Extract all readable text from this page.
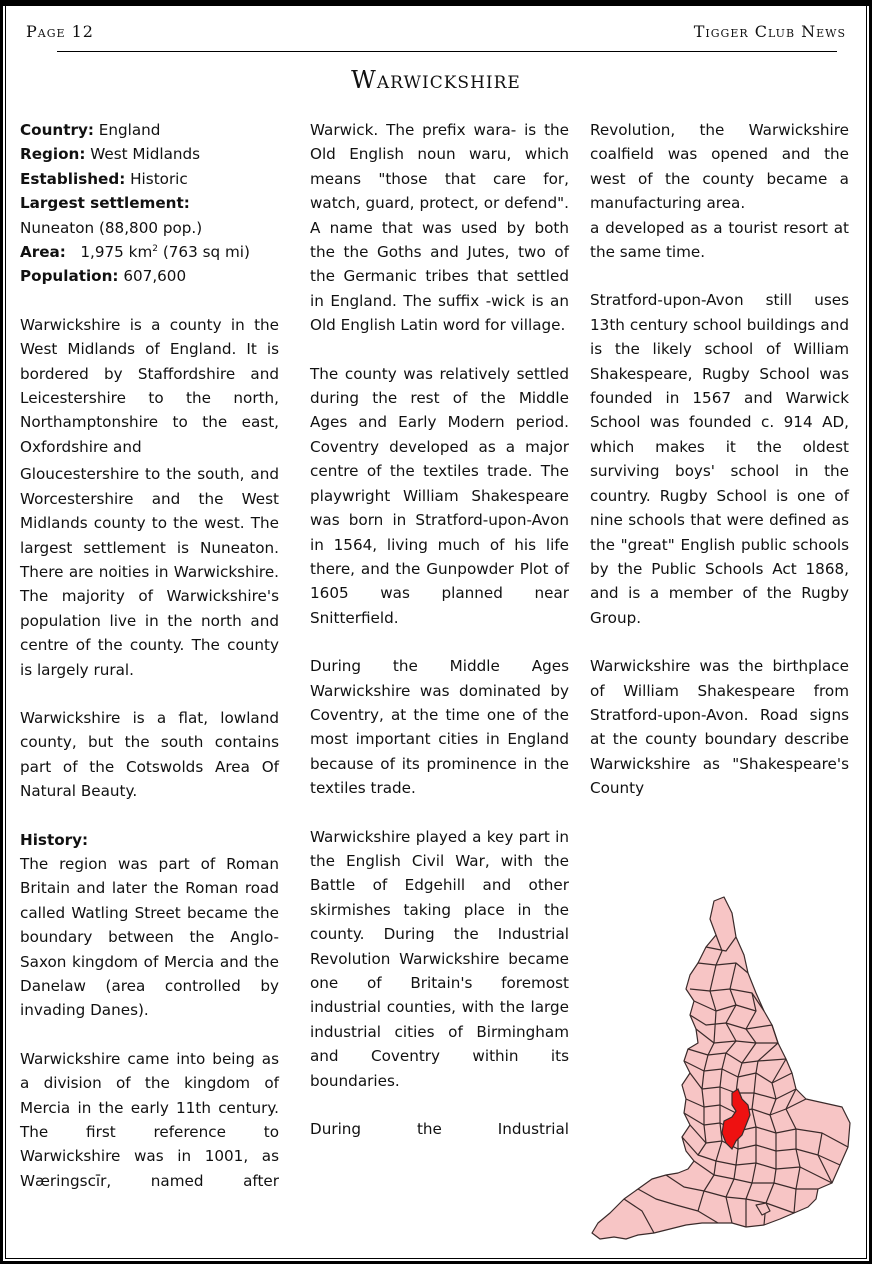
Page 12	Tigger Club News
Warwickshire
Country: England
Region: West Midlands
Established: Historic
Largest settlement:
Nuneaton (88,800 pop.)
Area: 1,975 $km^2$ (763 sq mi)
Population: 607,600

Warwickshire is a county in the West Midlands of England. It is bordered by Staffordshire and Leicestershire to the north, Northamptonshire to the east, Oxfordshire and

Gloucestershire to the south, and Worcestershire and the West Midlands county to the west. The largest settlement is Nuneaton. There are noities in Warwickshire. The majority of Warwickshire's population live in the north and centre of the county. The county is largely rural.

Warwickshire is a flat, lowland county, but the south contains part of the Cotswolds Area Of Natural Beauty.

History:

The region was part of Roman Britain and later the Roman road called Watling Street became the boundary between the Anglo-Saxon kingdom of Mercia and the Danelaw (area controlled by invading Danes).

Warwickshire came into being as a division of the kingdom of Mercia in the early 11th century. The first reference to Warwickshire was in 1001, as Wæringscīr, named after

Warwick. The prefix wara- is the Old English noun waru, which means "those that care for, watch, guard, protect, or defend". A name that was used by both the the Goths and Jutes, two of the Germanic tribes that settled in England. The suffix -wick is an Old English Latin word for village.

The county was relatively settled during the rest of the Middle Ages and Early Modern period. Coventry developed as a major centre of the textiles trade. The playwright William Shakespeare was born in Stratford-upon-Avon in 1564, living much of his life there, and the Gunpowder Plot of 1605 was planned near Snitterfield.

During the Middle Ages Warwickshire was dominated by Coventry, at the time one of the most important cities in England because of its prominence in the textiles trade.

Warwickshire played a key part in the English Civil War, with the Battle of Edgehill and other skirmishes taking place in the county. During the Industrial Revolution Warwickshire became one of Britain's foremost industrial counties, with the large industrial cities of Birmingham and Coventry within its boundaries.

During the Industrial

Revolution, the Warwickshire coalfield was opened and the west of the county became a manufacturing area.

a developed as a tourist resort at the same time.

Stratford-upon-Avon still uses 13th century school buildings and is the likely school of William Shakespeare, Rugby School was founded in 1567 and Warwick School was founded c. 914 AD, which makes it the oldest surviving boys' school in the country. Rugby School is one of nine schools that were defined as the "great" English public schools by the Public Schools Act 1868, and is a member of the Rugby Group.

Warwickshire was the birthplace of William Shakespeare from Stratford-upon-Avon. Road signs at the county boundary describe Warwickshire as "Shakespeare's County
